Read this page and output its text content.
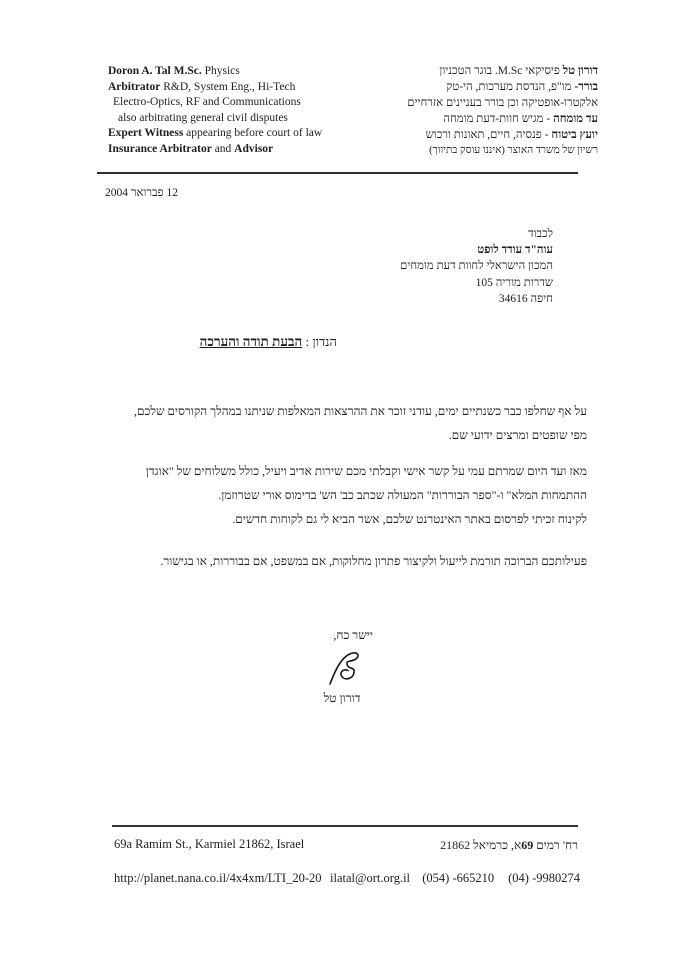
Doron A. Tal M.Sc. Physics
Arbitrator R&D, System Eng., Hi-Tech
Electro-Optics, RF and Communications
also arbitrating general civil disputes
Expert Witness appearing before court of law
Insurance Arbitrator and Advisor
דורון טל פיסיקאי M.Sc. בוגר הטכניון
בורר- מו"פ, הנדסת מערכות, הי-טק
אלקטרו-אופטיקה וכן בורר בעניינים אזרחיים
עד מומחה - מגיש חוות-דעת מומחה
יועץ ביטוח - פנסיה, חיים, תאונות ורכוש
רשיון של משרד האוצר (איננו עוסק בתיווך)
12 פברואר 2004
לכבוד
עוה"ד עודד לופט
המכון הישראלי לחוות דעת מומחים
שדרות מוריה 105
חיפה 34616
הנדון : הבעת תודה והערכה
על אף שחלפו כבר כשנתיים ימים, עודני זוכר את ההרצאות המאלפות שניתנו במהלך הקורסים שלכם,
מפי שופטים ומרצים ידועי שם.
מאז ועד היום שמרתם עמי על קשר אישי וקבלתי מכם שירות אדיב ויעיל, כולל משלוחים של "אוגדן
ההתמחות המלא" ו-"ספר הבוררות" המעולה שכתב כב' הש' בדימוס אורי שטרוזמן.
לקינוח זכיתי לפרסום באתר האינטרנט שלכם, אשר הביא לי גם לקוחות חדשים.
פעילותכם הברוכה תורמת לייעול ולקיצור פתרון מחלוקות, אם במשפט, אם בבוררות, או בגישור.
יישר כח,
דורון טל
69a Ramim St., Karmiel 21862, Israel	רח' רמים 69א, כרמיאל 21862
http://planet.nana.co.il/4x4xm/LTI_20-20 ilatal@ort.org.il (054) -665210 (04) -9980274
